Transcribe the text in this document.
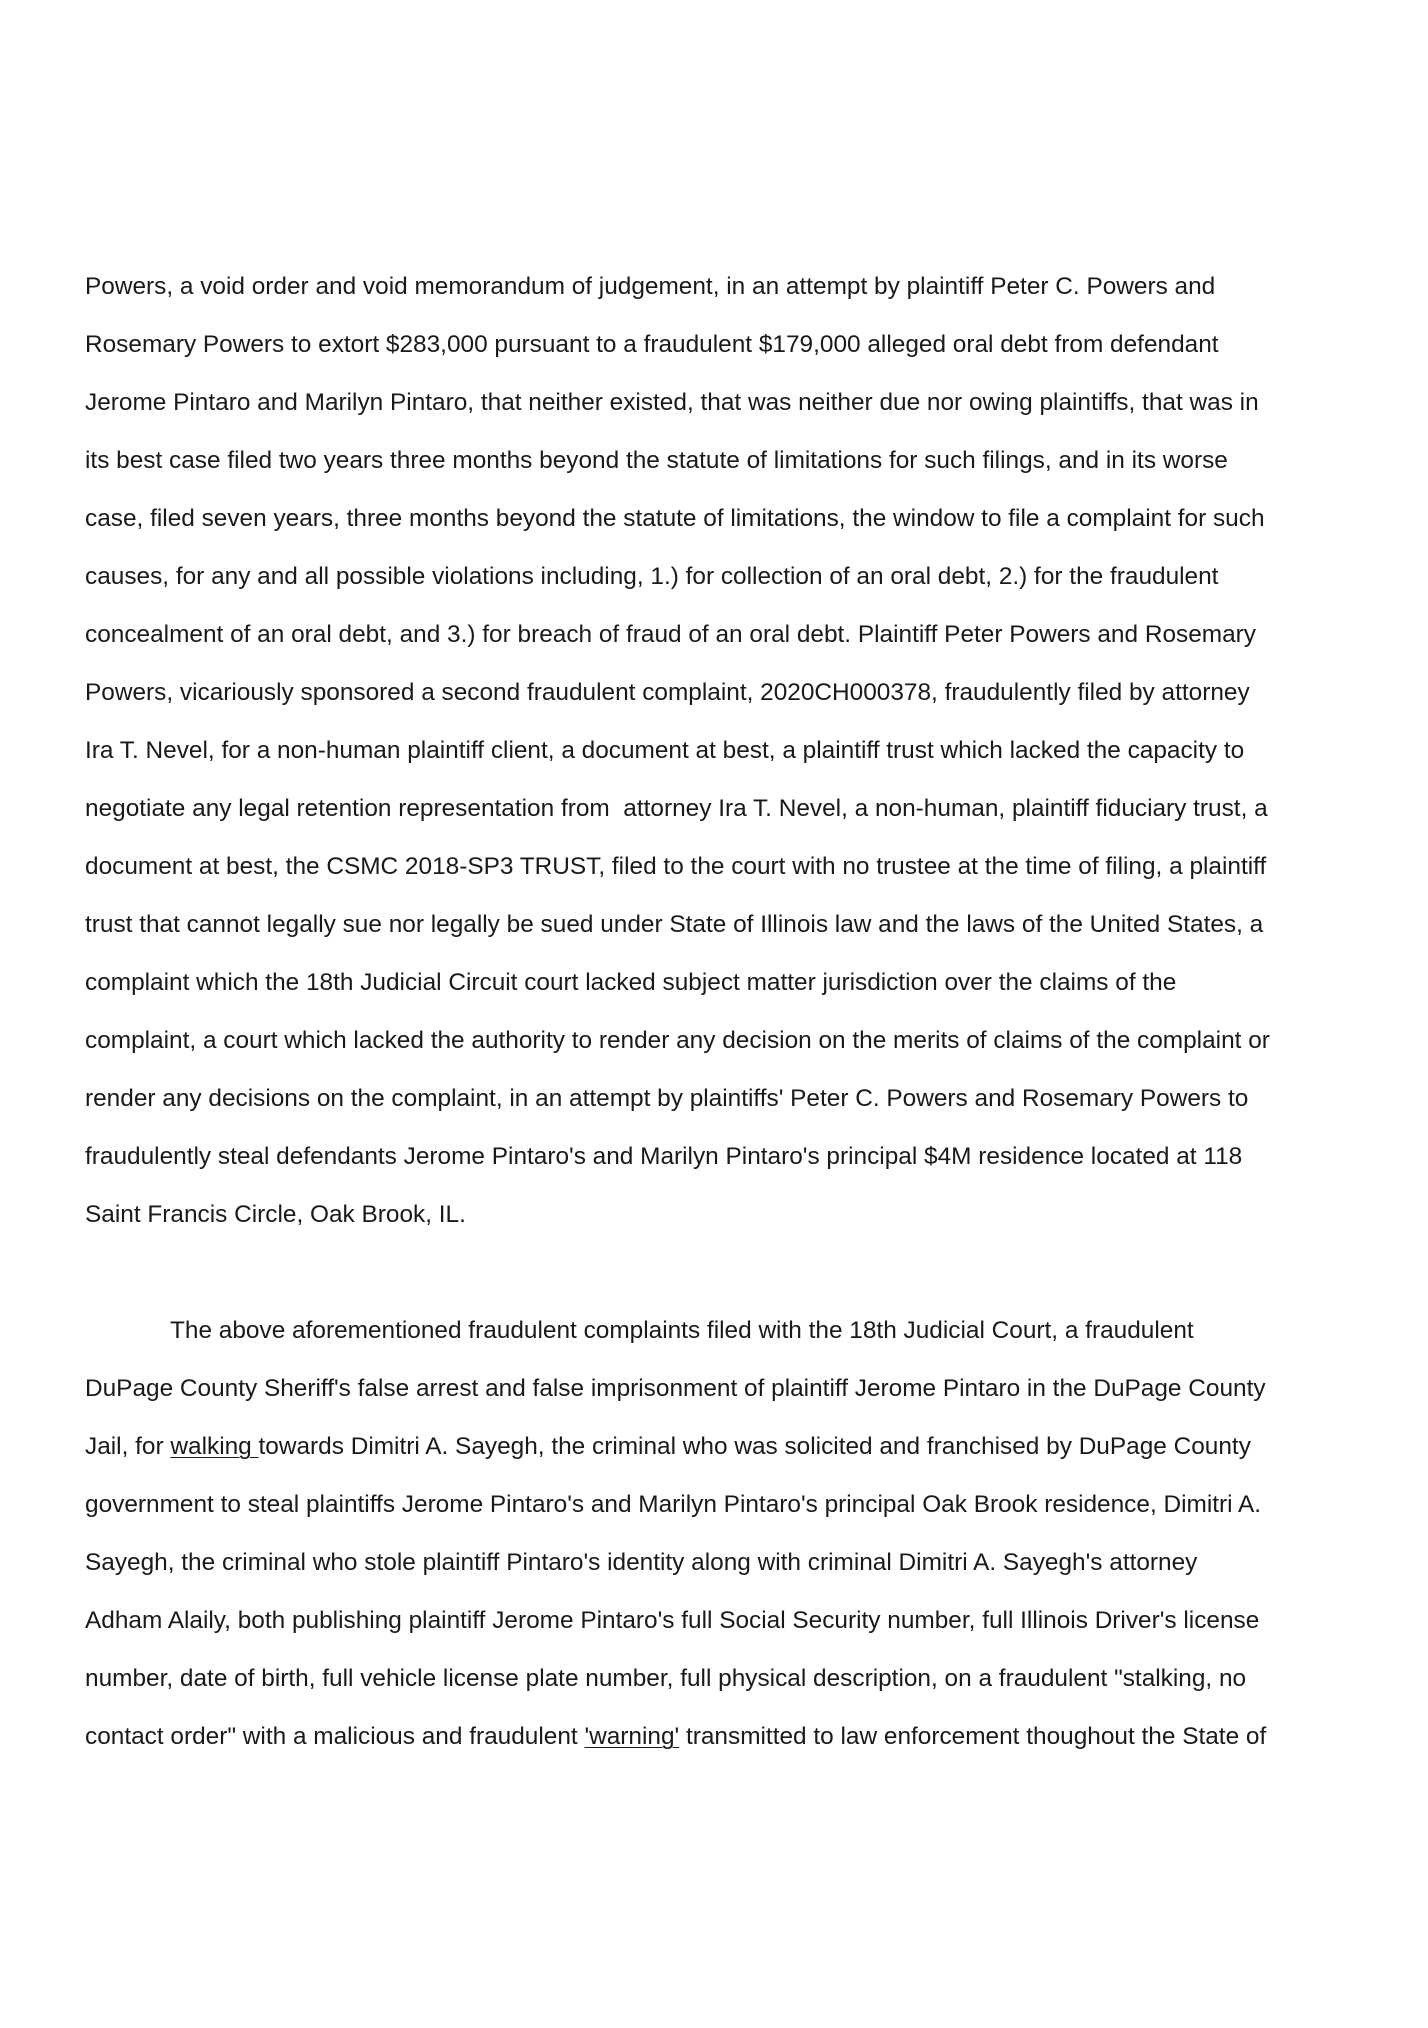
Powers, a void order and void memorandum of judgement, in an attempt by plaintiff Peter C. Powers and
Rosemary Powers to extort $283,000 pursuant to a fraudulent $179,000 alleged oral debt from defendant
Jerome Pintaro and Marilyn Pintaro, that neither existed, that was neither due nor owing plaintiffs, that was in
its best case filed two years three months beyond the statute of limitations for such filings, and in its worse
case, filed seven years, three months beyond the statute of limitations, the window to file a complaint for such
causes, for any and all possible violations including, 1.) for collection of an oral debt, 2.) for the fraudulent
concealment of an oral debt, and 3.) for breach of fraud of an oral debt. Plaintiff Peter Powers and Rosemary
Powers, vicariously sponsored a second fraudulent complaint, 2020CH000378, fraudulently filed by attorney
Ira T. Nevel, for a non-human plaintiff client, a document at best, a plaintiff trust which lacked the capacity to
negotiate any legal retention representation from  attorney Ira T. Nevel, a non-human, plaintiff fiduciary trust, a
document at best, the CSMC 2018-SP3 TRUST, filed to the court with no trustee at the time of filing, a plaintiff
trust that cannot legally sue nor legally be sued under State of Illinois law and the laws of the United States, a
complaint which the 18th Judicial Circuit court lacked subject matter jurisdiction over the claims of the
complaint, a court which lacked the authority to render any decision on the merits of claims of the complaint or
render any decisions on the complaint, in an attempt by plaintiffs' Peter C. Powers and Rosemary Powers to
fraudulently steal defendants Jerome Pintaro's and Marilyn Pintaro's principal $4M residence located at 118
Saint Francis Circle, Oak Brook, IL.
The above aforementioned fraudulent complaints filed with the 18th Judicial Court, a fraudulent
DuPage County Sheriff's false arrest and false imprisonment of plaintiff Jerome Pintaro in the DuPage County
Jail, for walking towards Dimitri A. Sayegh, the criminal who was solicited and franchised by DuPage County
government to steal plaintiffs Jerome Pintaro's and Marilyn Pintaro's principal Oak Brook residence, Dimitri A.
Sayegh, the criminal who stole plaintiff Pintaro's identity along with criminal Dimitri A. Sayegh's attorney
Adham Alaily, both publishing plaintiff Jerome Pintaro's full Social Security number, full Illinois Driver's license
number, date of birth, full vehicle license plate number, full physical description, on a fraudulent "stalking, no
contact order" with a malicious and fraudulent 'warning' transmitted to law enforcement thoughout the State of
